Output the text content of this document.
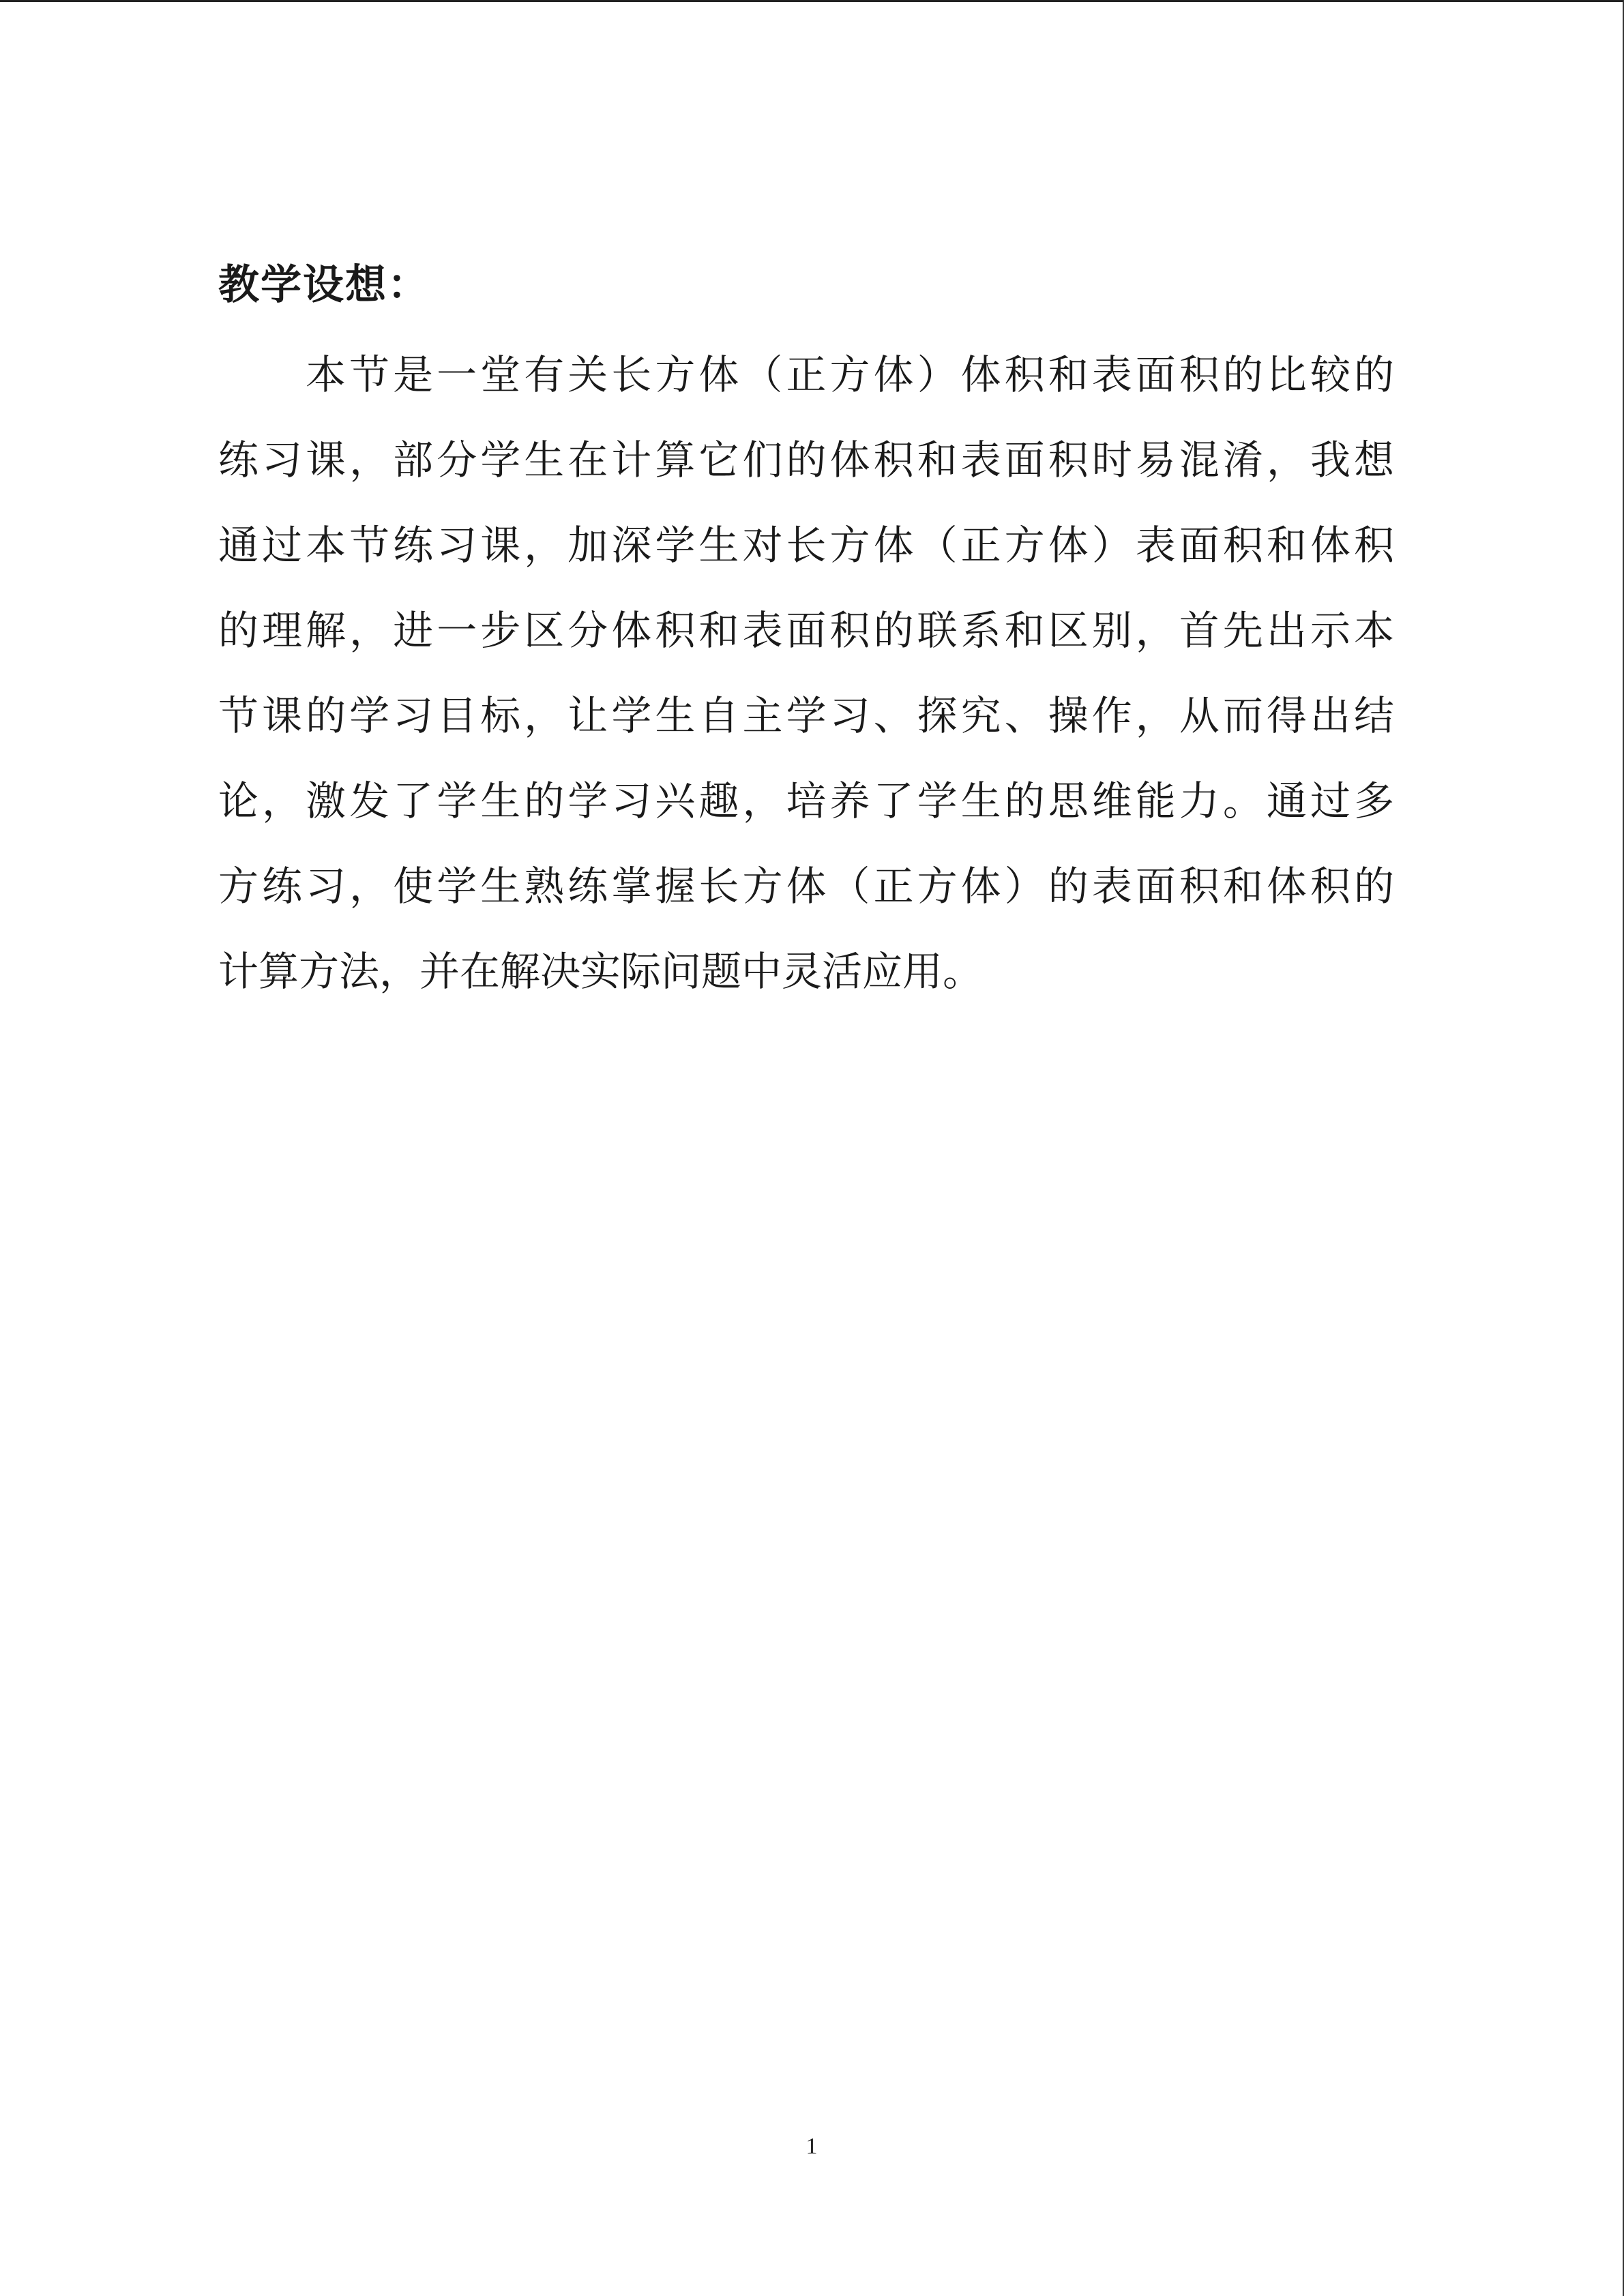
教学设想：

本节是一堂有关长方体（正方体）体积和表面积的比较的

练习课，部分学生在计算它们的体积和表面积时易混淆，我想

通过本节练习课，加深学生对长方体（正方体）表面积和体积

的理解，进一步区分体积和表面积的联系和区别，首先出示本

节课的学习目标，让学生自主学习、探究、操作，从而得出结

论，激发了学生的学习兴趣，培养了学生的思维能力。通过多

方练习，使学生熟练掌握长方体（正方体）的表面积和体积的

计算方法，并在解决实际问题中灵活应用。

1
